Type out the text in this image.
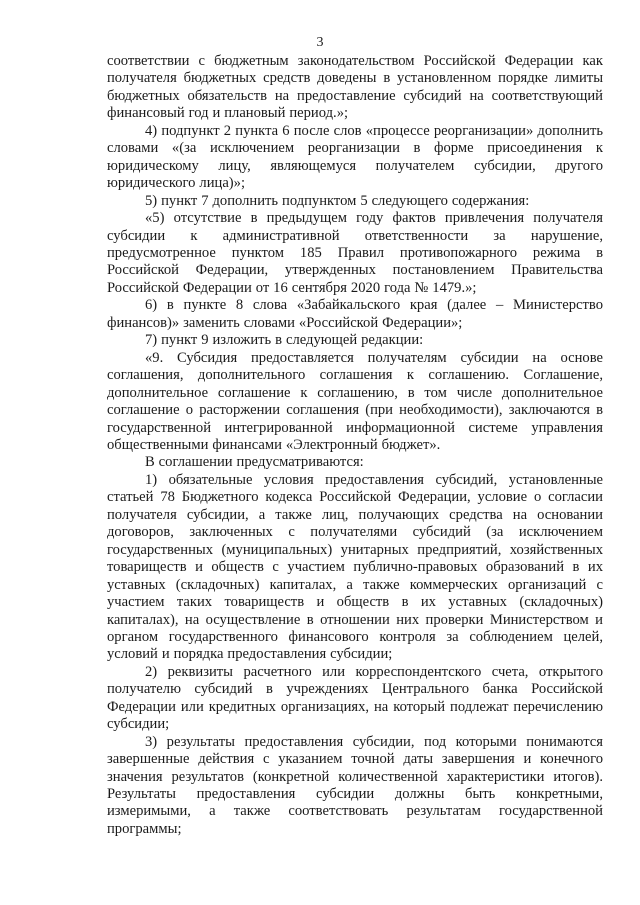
3

соответствии с бюджетным законодательством Российской Федерации как получателя бюджетных средств доведены в установленном порядке лимиты бюджетных обязательств на предоставление субсидий на соответствующий финансовый год и плановый период.»;

4) подпункт 2 пункта 6 после слов «процессе реорганизации» дополнить словами «(за исключением реорганизации в форме присоединения к юридическому лицу, являющемуся получателем субсидии, другого юридического лица)»;

5) пункт 7 дополнить подпунктом 5 следующего содержания:

«5) отсутствие в предыдущем году фактов привлечения получателя субсидии к административной ответственности за нарушение, предусмотренное пунктом 185 Правил противопожарного режима в Российской Федерации, утвержденных постановлением Правительства Российской Федерации от 16 сентября 2020 года № 1479.»;

6) в пункте 8 слова «Забайкальского края (далее – Министерство финансов)» заменить словами «Российской Федерации»;

7) пункт 9 изложить в следующей редакции:

«9. Субсидия предоставляется получателям субсидии на основе соглашения, дополнительного соглашения к соглашению. Соглашение, дополнительное соглашение к соглашению, в том числе дополнительное соглашение о расторжении соглашения (при необходимости), заключаются в государственной интегрированной информационной системе управления общественными финансами «Электронный бюджет».

В соглашении предусматриваются:

1) обязательные условия предоставления субсидий, установленные статьей 78 Бюджетного кодекса Российской Федерации, условие о согласии получателя субсидии, а также лиц, получающих средства на основании договоров, заключенных с получателями субсидий (за исключением государственных (муниципальных) унитарных предприятий, хозяйственных товариществ и обществ с участием публично-правовых образований в их уставных (складочных) капиталах, а также коммерческих организаций с участием таких товариществ и обществ в их уставных (складочных) капиталах), на осуществление в отношении них проверки Министерством и органом государственного финансового контроля за соблюдением целей, условий и порядка предоставления субсидии;

2) реквизиты расчетного или корреспондентского счета, открытого получателю субсидий в учреждениях Центрального банка Российской Федерации или кредитных организациях, на который подлежат перечислению субсидии;

3) результаты предоставления субсидии, под которыми понимаются завершенные действия с указанием точной даты завершения и конечного значения результатов (конкретной количественной характеристики итогов). Результаты предоставления субсидии должны быть конкретными, измеримыми, а также соответствовать результатам государственной программы;
